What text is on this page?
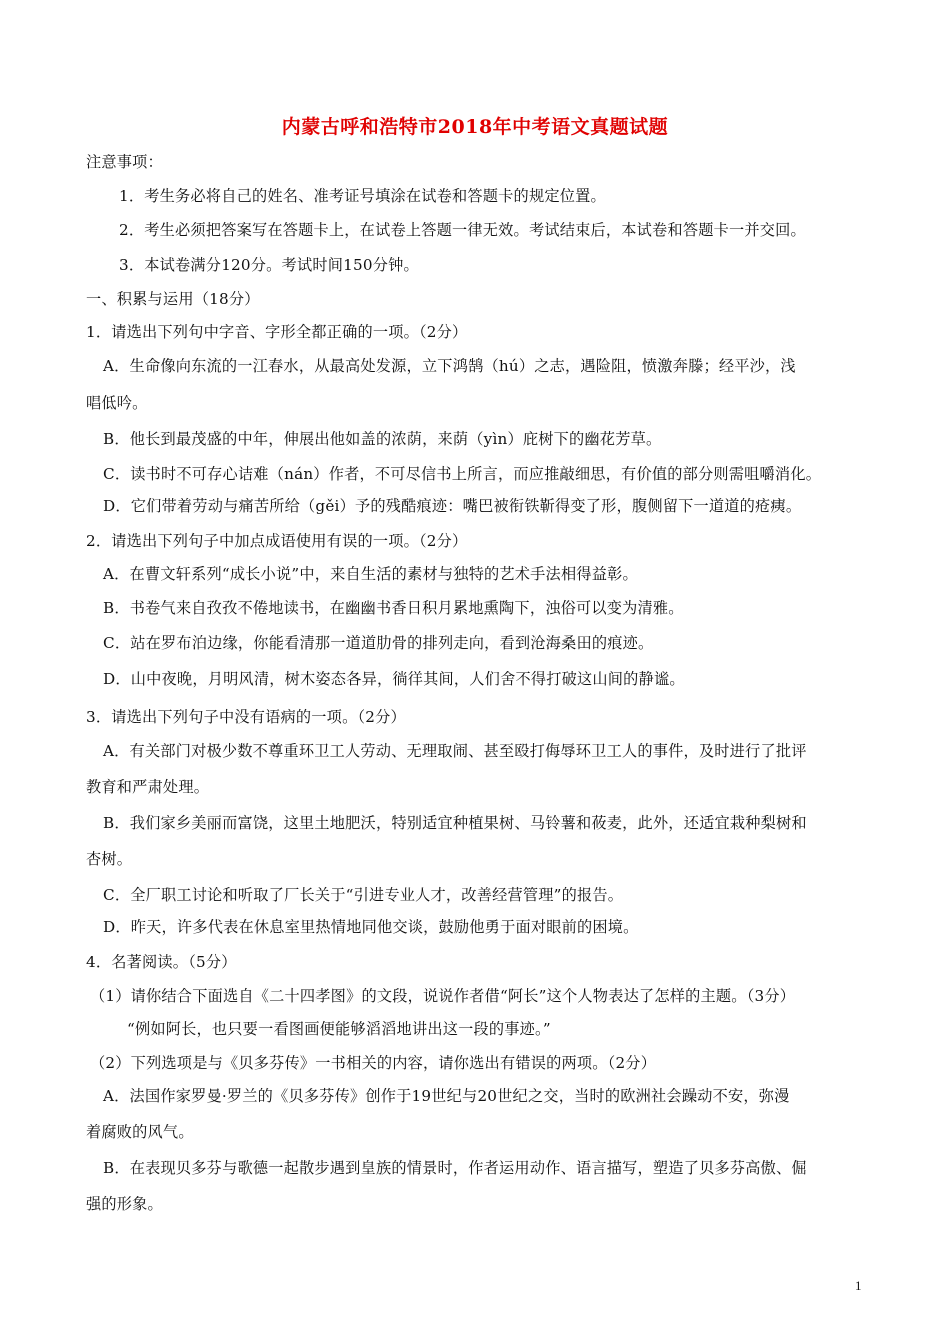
内蒙古呼和浩特市2018年中考语文真题试题
注意事项：
1．考生务必将自己的姓名、准考证号填涂在试卷和答题卡的规定位置。
2．考生必须把答案写在答题卡上，在试卷上答题一律无效。考试结束后，本试卷和答题卡一并交回。
3．本试卷满分120分。考试时间150分钟。
一、积累与运用（18分）
1．请选出下列句中字音、字形全都正确的一项。（2分）
A．生命像向东流的一江春水，从最高处发源，立下鸿鹄（hú）之志，遇险阻，愤激奔滕；经平沙，浅
唱低吟。
B．他长到最茂盛的中年，伸展出他如盖的浓荫，来荫（yìn）庇树下的幽花芳草。
C．读书时不可存心诘难（nán）作者，不可尽信书上所言，而应推敲细思，有价值的部分则需咀嚼消化。
D．它们带着劳动与痛苦所给（gěi）予的残酷痕迹：嘴巴被衔铁靳得变了形，腹侧留下一道道的疮痍。
2．请选出下列句子中加点成语使用有误的一项。（2分）
A．在曹文轩系列“成长小说”中，来自生活的素材与独特的艺术手法相得益彰。
B．书卷气来自孜孜不倦地读书，在幽幽书香日积月累地熏陶下，浊俗可以变为清雅。
C．站在罗布泊边缘，你能看清那一道道肋骨的排列走向，看到沧海桑田的痕迹。
D．山中夜晚，月明风清，树木姿态各异，徜徉其间，人们舍不得打破这山间的静谧。
3．请选出下列句子中没有语病的一项。（2分）
A．有关部门对极少数不尊重环卫工人劳动、无理取闹、甚至殴打侮辱环卫工人的事件，及时进行了批评
教育和严肃处理。
B．我们家乡美丽而富饶，这里土地肥沃，特别适宜种植果树、马铃薯和莜麦，此外，还适宜栽种梨树和
杏树。
C．全厂职工讨论和听取了厂长关于“引进专业人才，改善经营管理”的报告。
D．昨天，许多代表在休息室里热情地同他交谈，鼓励他勇于面对眼前的困境。
4．名著阅读。（5分）
（1）请你结合下面选自《二十四孝图》的文段，说说作者借“阿长”这个人物表达了怎样的主题。（3分）
“例如阿长，也只要一看图画便能够滔滔地讲出这一段的事迹。”
（2）下列选项是与《贝多芬传》一书相关的内容，请你选出有错误的两项。（2分）
A．法国作家罗曼·罗兰的《贝多芬传》创作于19世纪与20世纪之交，当时的欧洲社会躁动不安，弥漫
着腐败的风气。
B．在表现贝多芬与歌德一起散步遇到皇族的情景时，作者运用动作、语言描写，塑造了贝多芬高傲、倔
强的形象。
1
